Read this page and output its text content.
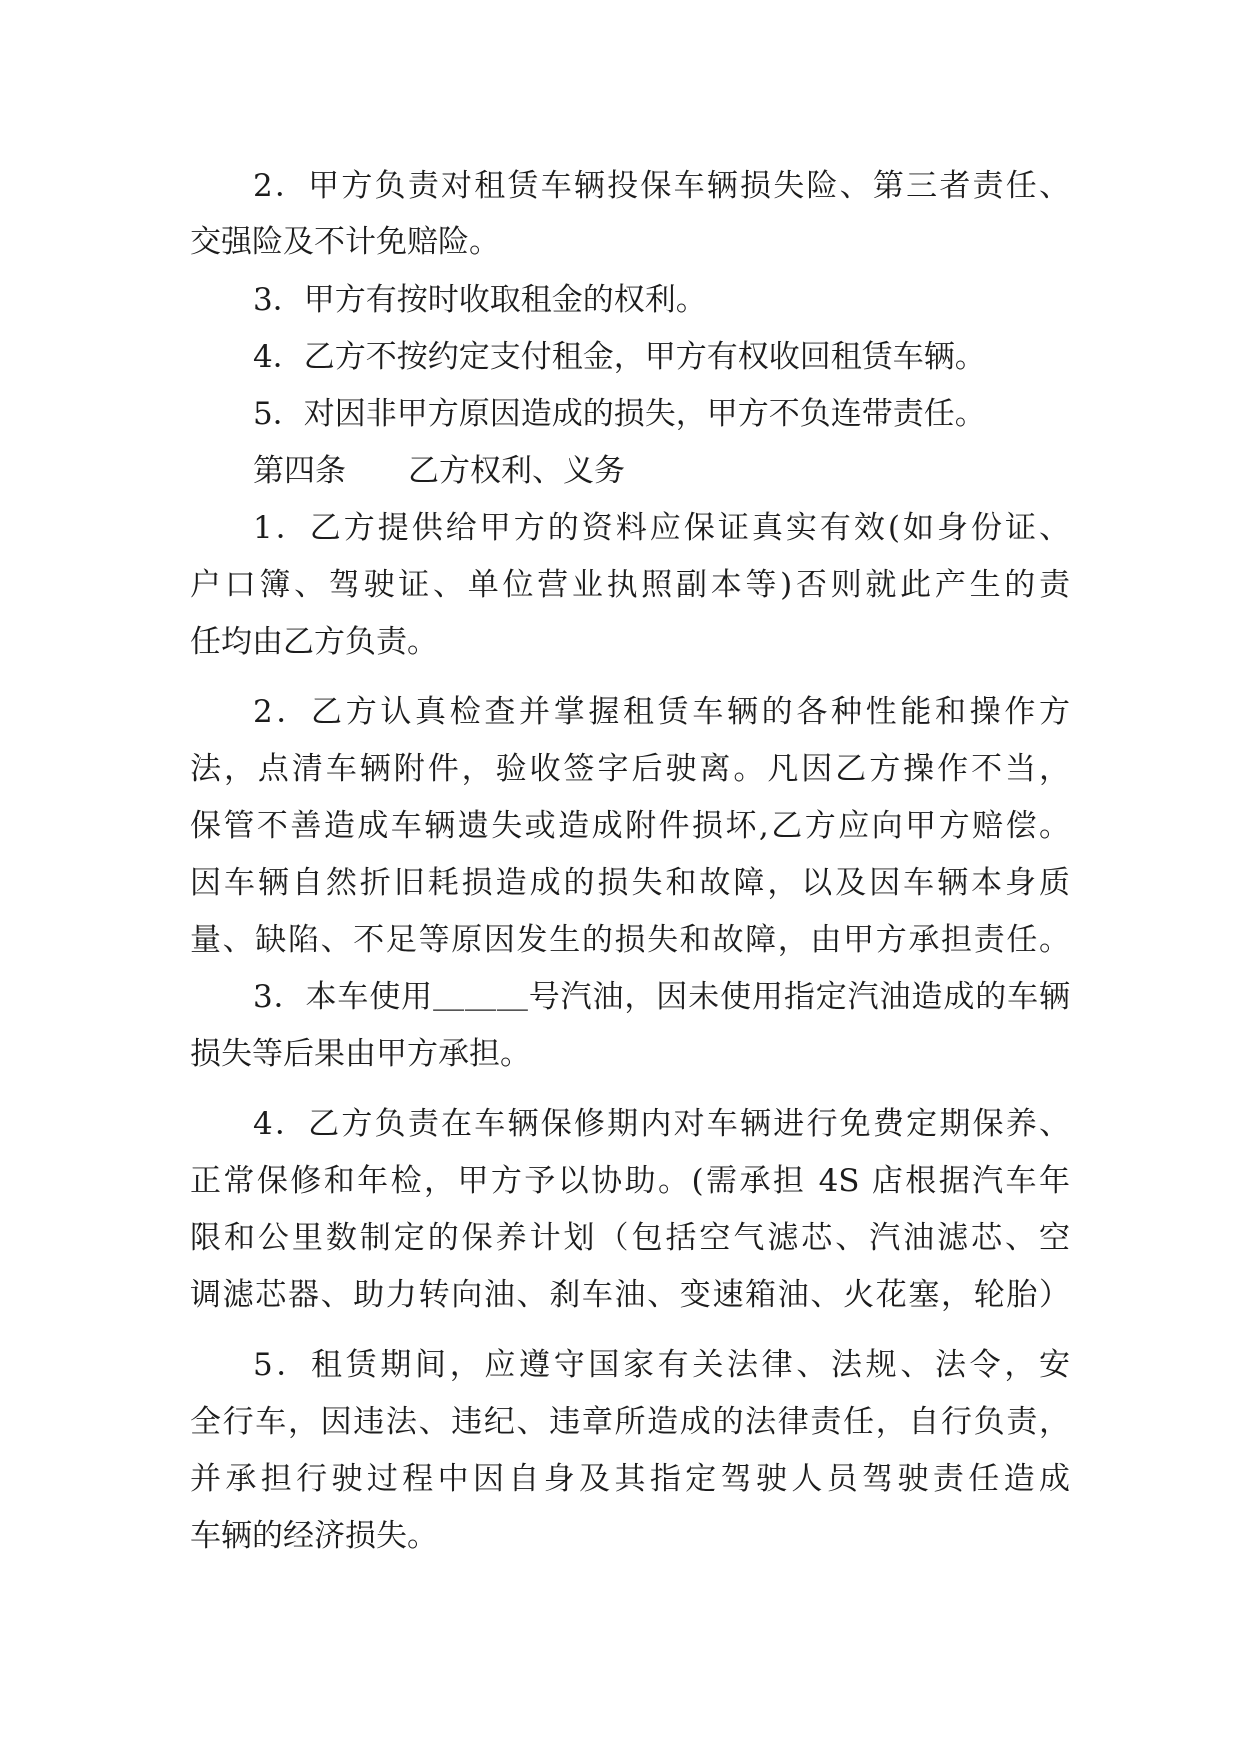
2．甲方负责对租赁车辆投保车辆损失险、第三者责任、
交强险及不计免赔险。
3．甲方有按时收取租金的权利。
4．乙方不按约定支付租金，甲方有权收回租赁车辆。
5．对因非甲方原因造成的损失，甲方不负连带责任。
第四条　　乙方权利、义务
1．乙方提供给甲方的资料应保证真实有效(如身份证、
户口簿、驾驶证、单位营业执照副本等)否则就此产生的责
任均由乙方负责。
2．乙方认真检查并掌握租赁车辆的各种性能和操作方
法，点清车辆附件，验收签字后驶离。凡因乙方操作不当，
保管不善造成车辆遗失或造成附件损坏,乙方应向甲方赔偿。
因车辆自然折旧耗损造成的损失和故障，以及因车辆本身质
量、缺陷、不足等原因发生的损失和故障，由甲方承担责任。
3．本车使用＿＿＿号汽油，因未使用指定汽油造成的车辆
损失等后果由甲方承担。
4．乙方负责在车辆保修期内对车辆进行免费定期保养、
正常保修和年检，甲方予以协助。(需承担 4S 店根据汽车年
限和公里数制定的保养计划（包括空气滤芯、汽油滤芯、空
调滤芯器、助力转向油、刹车油、变速箱油、火花塞，轮胎）
5．租赁期间，应遵守国家有关法律、法规、法令，安
全行车，因违法、违纪、违章所造成的法律责任，自行负责，
并承担行驶过程中因自身及其指定驾驶人员驾驶责任造成
车辆的经济损失。
